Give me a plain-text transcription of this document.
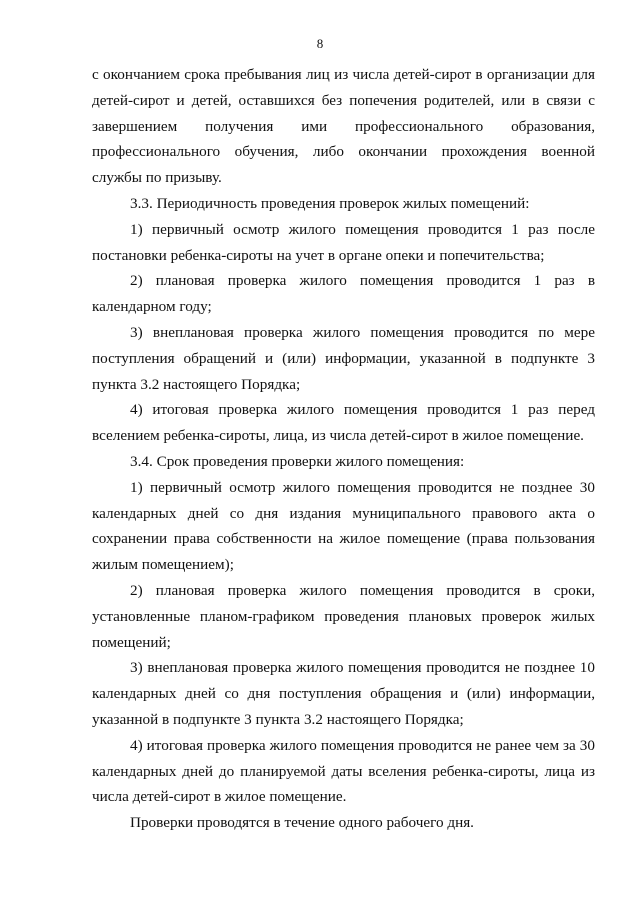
8

с окончанием срока пребывания лиц из числа детей-сирот в организации для детей-сирот и детей, оставшихся без попечения родителей, или в связи с завершением получения ими профессионального образования, профессионального обучения, либо окончании прохождения военной службы по призыву.

3.3. Периодичность проведения проверок жилых помещений:

1) первичный осмотр жилого помещения проводится 1 раз после постановки ребенка-сироты на учет в органе опеки и попечительства;

2) плановая проверка жилого помещения проводится 1 раз в календарном году;

3) внеплановая проверка жилого помещения проводится по мере поступления обращений и (или) информации, указанной в подпункте 3 пункта 3.2 настоящего Порядка;

4) итоговая проверка жилого помещения проводится 1 раз перед вселением ребенка-сироты, лица, из числа детей-сирот в жилое помещение.

3.4. Срок проведения проверки жилого помещения:

1) первичный осмотр жилого помещения проводится не позднее 30 календарных дней со дня издания муниципального правового акта о сохранении права собственности на жилое помещение (права пользования жилым помещением);

2) плановая проверка жилого помещения проводится в сроки, установленные планом-графиком проведения плановых проверок жилых помещений;

3) внеплановая проверка жилого помещения проводится не позднее 10 календарных дней со дня поступления обращения и (или) информации, указанной в подпункте 3 пункта 3.2 настоящего Порядка;

4) итоговая проверка жилого помещения проводится не ранее чем за 30 календарных дней до планируемой даты вселения ребенка-сироты, лица из числа детей-сирот в жилое помещение.

Проверки проводятся в течение одного рабочего дня.
